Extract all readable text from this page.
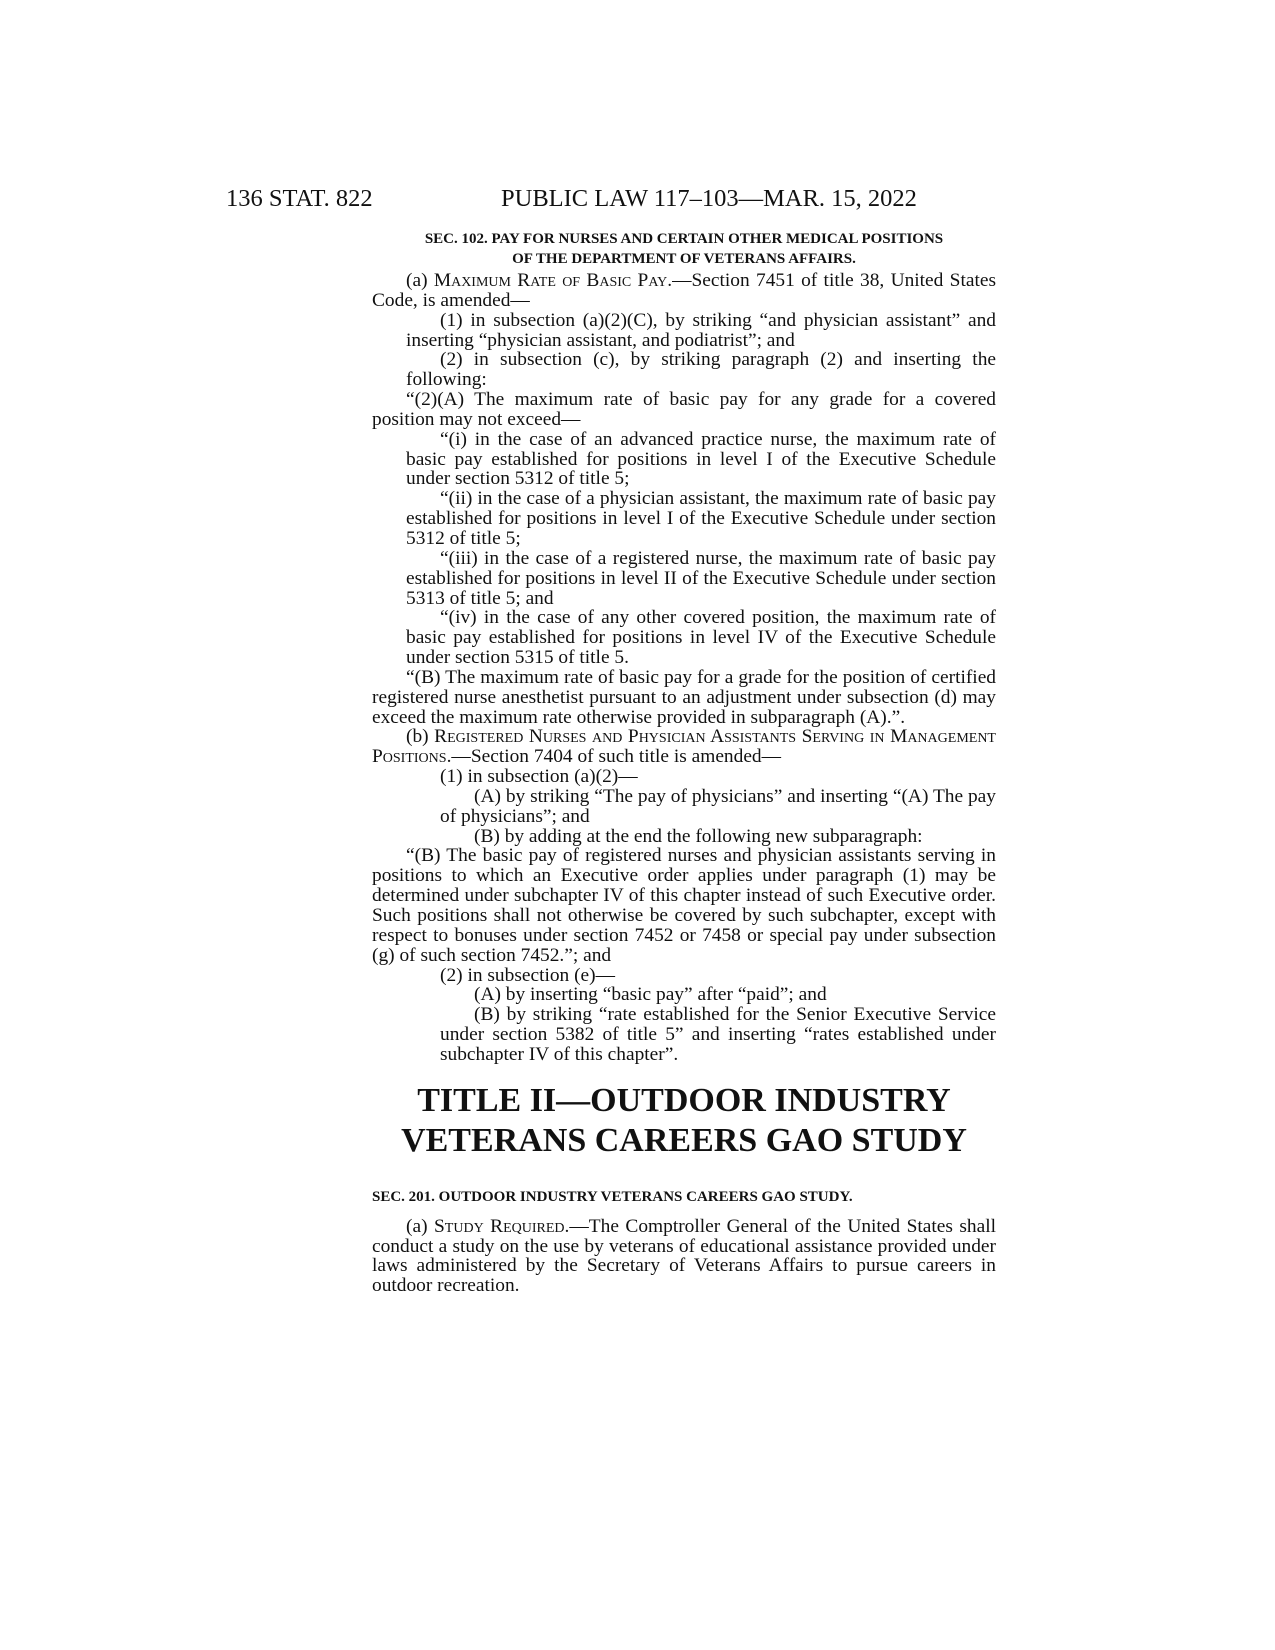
136 STAT. 822	PUBLIC LAW 117–103—MAR. 15, 2022
SEC. 102. PAY FOR NURSES AND CERTAIN OTHER MEDICAL POSITIONS
OF THE DEPARTMENT OF VETERANS AFFAIRS.

(a) Maximum Rate of Basic Pay.—Section 7451 of title 38, United States Code, is amended—

(1) in subsection (a)(2)(C), by striking “and physician assistant” and inserting “physician assistant, and podiatrist”; and

(2) in subsection (c), by striking paragraph (2) and inserting the following:

“(2)(A) The maximum rate of basic pay for any grade for a covered position may not exceed—

“(i) in the case of an advanced practice nurse, the maximum rate of basic pay established for positions in level I of the Executive Schedule under section 5312 of title 5;

“(ii) in the case of a physician assistant, the maximum rate of basic pay established for positions in level I of the Executive Schedule under section 5312 of title 5;

“(iii) in the case of a registered nurse, the maximum rate of basic pay established for positions in level II of the Executive Schedule under section 5313 of title 5; and

“(iv) in the case of any other covered position, the maximum rate of basic pay established for positions in level IV of the Executive Schedule under section 5315 of title 5.

“(B) The maximum rate of basic pay for a grade for the position of certified registered nurse anesthetist pursuant to an adjustment under subsection (d) may exceed the maximum rate otherwise provided in subparagraph (A).”.

(b) Registered Nurses and Physician Assistants Serving in Management Positions.—Section 7404 of such title is amended—

(1) in subsection (a)(2)—

(A) by striking “The pay of physicians” and inserting “(A) The pay of physicians”; and

(B) by adding at the end the following new subparagraph:

“(B) The basic pay of registered nurses and physician assistants serving in positions to which an Executive order applies under paragraph (1) may be determined under subchapter IV of this chapter instead of such Executive order. Such positions shall not otherwise be covered by such subchapter, except with respect to bonuses under section 7452 or 7458 or special pay under subsection (g) of such section 7452.”; and

(2) in subsection (e)—

(A) by inserting “basic pay” after “paid”; and

(B) by striking “rate established for the Senior Executive Service under section 5382 of title 5” and inserting “rates established under subchapter IV of this chapter”.

TITLE II—OUTDOOR INDUSTRY
VETERANS CAREERS GAO STUDY
SEC. 201. OUTDOOR INDUSTRY VETERANS CAREERS GAO STUDY.

(a) Study Required.—The Comptroller General of the United States shall conduct a study on the use by veterans of educational assistance provided under laws administered by the Secretary of Veterans Affairs to pursue careers in outdoor recreation.
